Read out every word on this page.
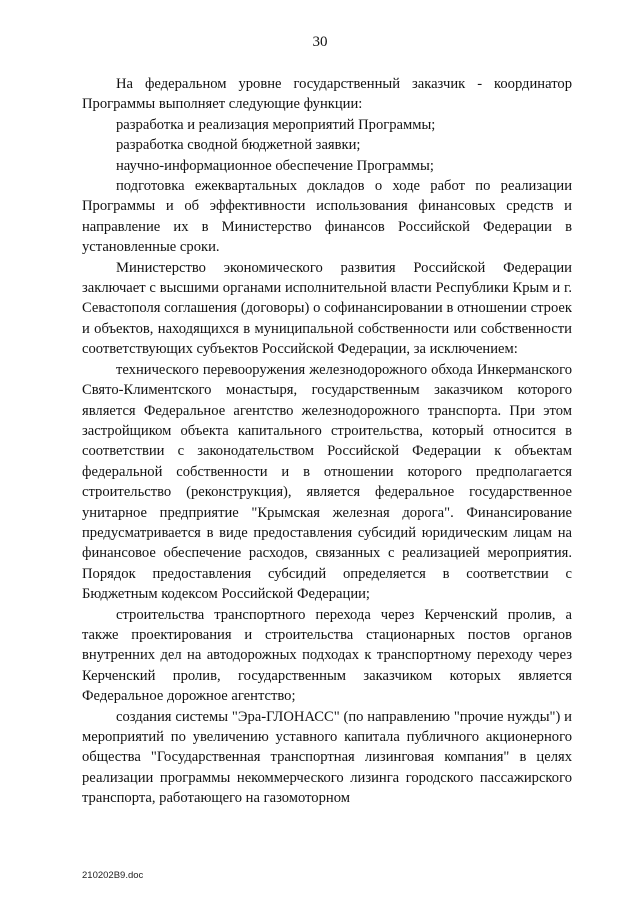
30

На федеральном уровне государственный заказчик - координатор Программы выполняет следующие функции:

разработка и реализация мероприятий Программы;

разработка сводной бюджетной заявки;

научно-информационное обеспечение Программы;

подготовка ежеквартальных докладов о ходе работ по реализации Программы и об эффективности использования финансовых средств и направление их в Министерство финансов Российской Федерации в установленные сроки.

Министерство экономического развития Российской Федерации заключает с высшими органами исполнительной власти Республики Крым и г. Севастополя соглашения (договоры) о софинансировании в отношении строек и объектов, находящихся в муниципальной собственности или собственности соответствующих субъектов Российской Федерации, за исключением:

технического перевооружения железнодорожного обхода Инкерманского Свято-Климентского монастыря, государственным заказчиком которого является Федеральное агентство железнодорожного транспорта. При этом застройщиком объекта капитального строительства, который относится в соответствии с законодательством Российской Федерации к объектам федеральной собственности и в отношении которого предполагается строительство (реконструкция), является федеральное государственное унитарное предприятие "Крымская железная дорога". Финансирование предусматривается в виде предоставления субсидий юридическим лицам на финансовое обеспечение расходов, связанных с реализацией мероприятия. Порядок предоставления субсидий определяется в соответствии с Бюджетным кодексом Российской Федерации;

строительства транспортного перехода через Керченский пролив, а также проектирования и строительства стационарных постов органов внутренних дел на автодорожных подходах к транспортному переходу через Керченский пролив, государственным заказчиком которых является Федеральное дорожное агентство;

создания системы "Эра-ГЛОНАСС" (по направлению "прочие нужды") и мероприятий по увеличению уставного капитала публичного акционерного общества "Государственная транспортная лизинговая компания" в целях реализации программы некоммерческого лизинга городского пассажирского транспорта, работающего на газомоторном

210202В9.doc
